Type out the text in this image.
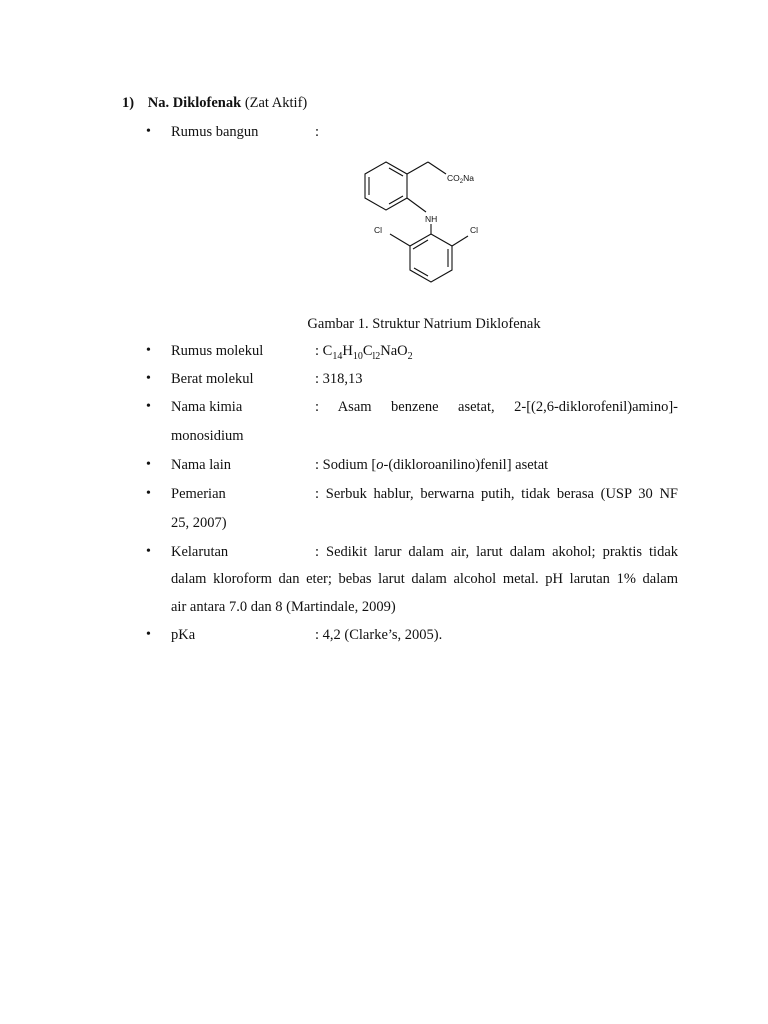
1) Na. Diklofenak (Zat Aktif)
• Rumus bangun	:
$CO_2Na$
NH
Cl	Cl
Gambar 1. Struktur Natrium Diklofenak
• Rumus molekul	: $C_{14}H_{10}C_{l2}NaO_2$
• Berat molekul	: 318,13
• Nama kimia	: Asam benzene asetat, 2-[(2,6-diklorofenil)amino]-
monosidium
• Nama lain	: Sodium [o-(dikloroanilino)fenil] asetat
• Pemerian	: Serbuk hablur, berwarna putih, tidak berasa (USP 30 NF
25, 2007)
• Kelarutan	: Sedikit larur dalam air, larut dalam akohol; praktis tidak
dalam kloroform dan eter; bebas larut dalam alcohol metal. pH larutan 1% dalam
air antara 7.0 dan 8 (Martindale, 2009)
• pKa	: 4,2 (Clarke’s, 2005).
